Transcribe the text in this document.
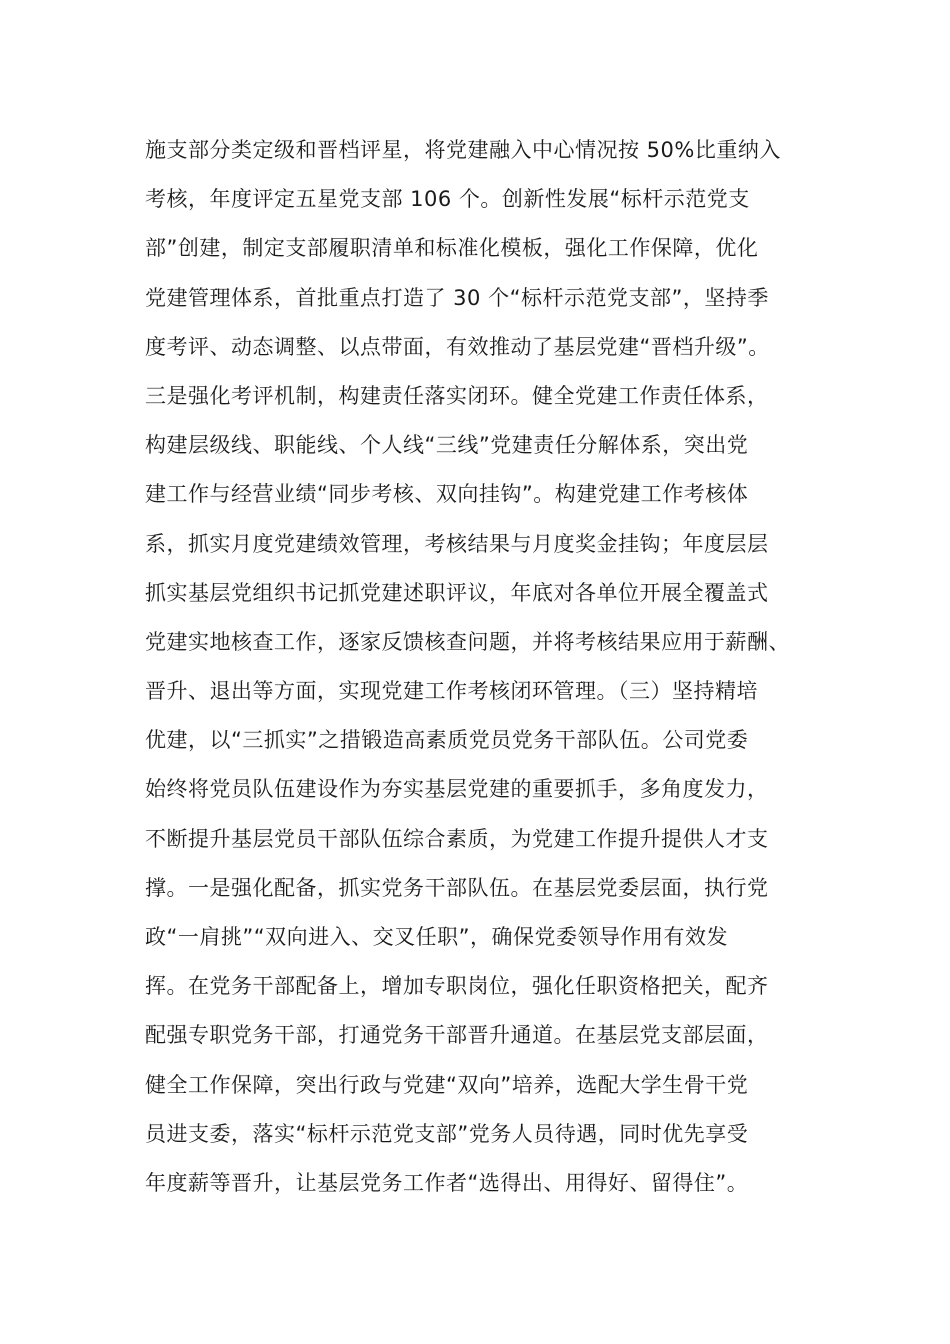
施支部分类定级和晋档评星，将党建融入中心情况按 50%比重纳入
考核，年度评定五星党支部 106 个。创新性发展“标杆示范党支
部”创建，制定支部履职清单和标准化模板，强化工作保障，优化
党建管理体系，首批重点打造了 30 个“标杆示范党支部”，坚持季
度考评、动态调整、以点带面，有效推动了基层党建“晋档升级”。
三是强化考评机制，构建责任落实闭环。健全党建工作责任体系，
构建层级线、职能线、个人线“三线”党建责任分解体系，突出党
建工作与经营业绩“同步考核、双向挂钩”。构建党建工作考核体
系，抓实月度党建绩效管理，考核结果与月度奖金挂钩；年度层层
抓实基层党组织书记抓党建述职评议，年底对各单位开展全覆盖式
党建实地核查工作，逐家反馈核查问题，并将考核结果应用于薪酬、
晋升、退出等方面，实现党建工作考核闭环管理。（三）坚持精培
优建，以“三抓实”之措锻造高素质党员党务干部队伍。公司党委
始终将党员队伍建设作为夯实基层党建的重要抓手，多角度发力，
不断提升基层党员干部队伍综合素质，为党建工作提升提供人才支
撑。一是强化配备，抓实党务干部队伍。在基层党委层面，执行党
政“一肩挑”“双向进入、交叉任职”，确保党委领导作用有效发
挥。在党务干部配备上，增加专职岗位，强化任职资格把关，配齐
配强专职党务干部，打通党务干部晋升通道。在基层党支部层面，
健全工作保障，突出行政与党建“双向”培养，选配大学生骨干党
员进支委，落实“标杆示范党支部”党务人员待遇，同时优先享受
年度薪等晋升，让基层党务工作者“选得出、用得好、留得住”。
